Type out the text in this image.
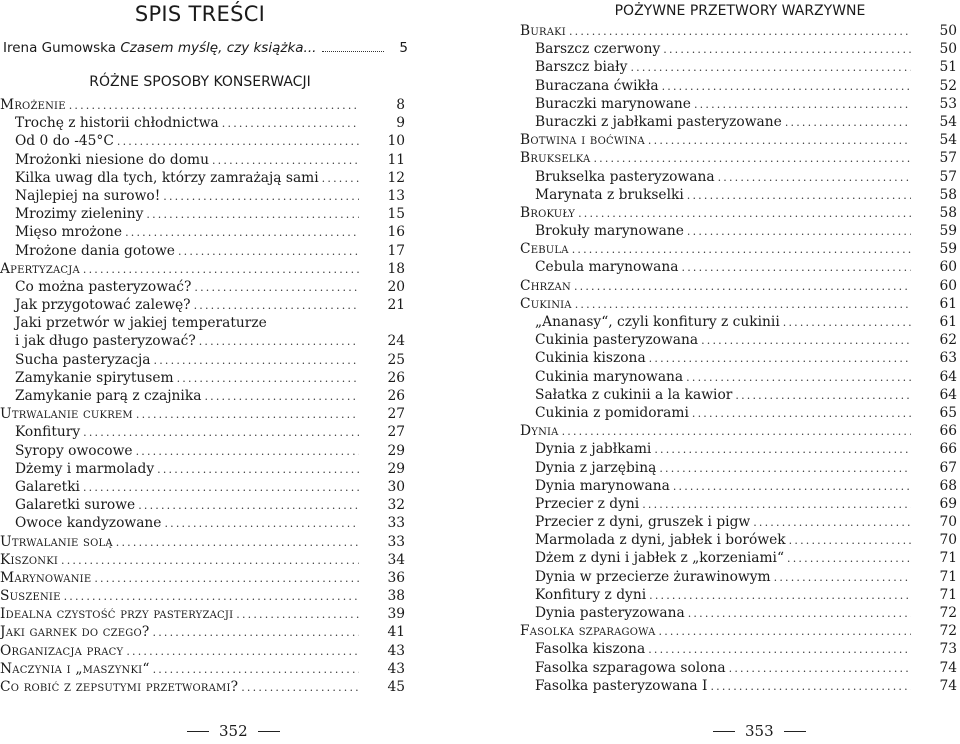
SPIS TREŚCI
Irena Gumowska Czasem myślę, czy książka...	5
RÓŻNE SPOSOBY KONSERWACJI
Mrożenie .....	8
Trochę z historii chłodnictwa .....	9
Od 0 do -45°C .....	10
Mrożonki niesione do domu .....	11
Kilka uwag dla tych, którzy zamrażają sami .....	12
Najlepiej na surowo! .....	13
Mrozimy zieleniny .....	15
Mięso mrożone .....	16
Mrożone dania gotowe .....	17
Apertyzacja .....	18
Co można pasteryzować? .....	20
Jak przygotować zalewę? .....	21
Jaki przetwór w jakiej temperaturze
i jak długo pasteryzować? .....	24
Sucha pasteryzacja .....	25
Zamykanie spirytusem .....	26
Zamykanie parą z czajnika .....	26
Utrwalanie cukrem .....	27
Konfitury .....	27
Syropy owocowe .....	29
Dżemy i marmolady .....	29
Galaretki .....	30
Galaretki surowe .....	32
Owoce kandyzowane .....	33
Utrwalanie solą .....	33
Kiszonki .....	34
Marynowanie .....	36
Suszenie .....	38
Idealna czystość przy pasteryzacji .....	39
Jaki garnek do czego? .....	41
Organizacja pracy .....	43
Naczynia i „maszynki“ .....	43
Co robić z zepsutymi przetworami? .....	45
352
POŻYWNE PRZETWORY WARZYWNE
Buraki .....	50
Barszcz czerwony .....	50
Barszcz biały .....	51
Buraczana ćwikła .....	52
Buraczki marynowane .....	53
Buraczki z jabłkami pasteryzowane .....	54
Botwina i boćwina .....	54
Brukselka .....	57
Brukselka pasteryzowana .....	57
Marynata z brukselki .....	58
Brokuły .....	58
Brokuły marynowane .....	59
Cebula .....	59
Cebula marynowana .....	60
Chrzan .....	60
Cukinia .....	61
„Ananasy“, czyli konfitury z cukinii .....	61
Cukinia pasteryzowana .....	62
Cukinia kiszona .....	63
Cukinia marynowana .....	64
Sałatka z cukinii a la kawior .....	64
Cukinia z pomidorami .....	65
Dynia .....	66
Dynia z jabłkami .....	66
Dynia z jarzębiną .....	67
Dynia marynowana .....	68
Przecier z dyni .....	69
Przecier z dyni, gruszek i pigw .....	70
Marmolada z dyni, jabłek i borówek .....	70
Dżem z dyni i jabłek z „korzeniami“ .....	71
Dynia w przecierze żurawinowym .....	71
Konfitury z dyni .....	71
Dynia pasteryzowana .....	72
Fasolka szparagowa .....	72
Fasolka kiszona .....	73
Fasolka szparagowa solona .....	74
Fasolka pasteryzowana I .....	74
353
